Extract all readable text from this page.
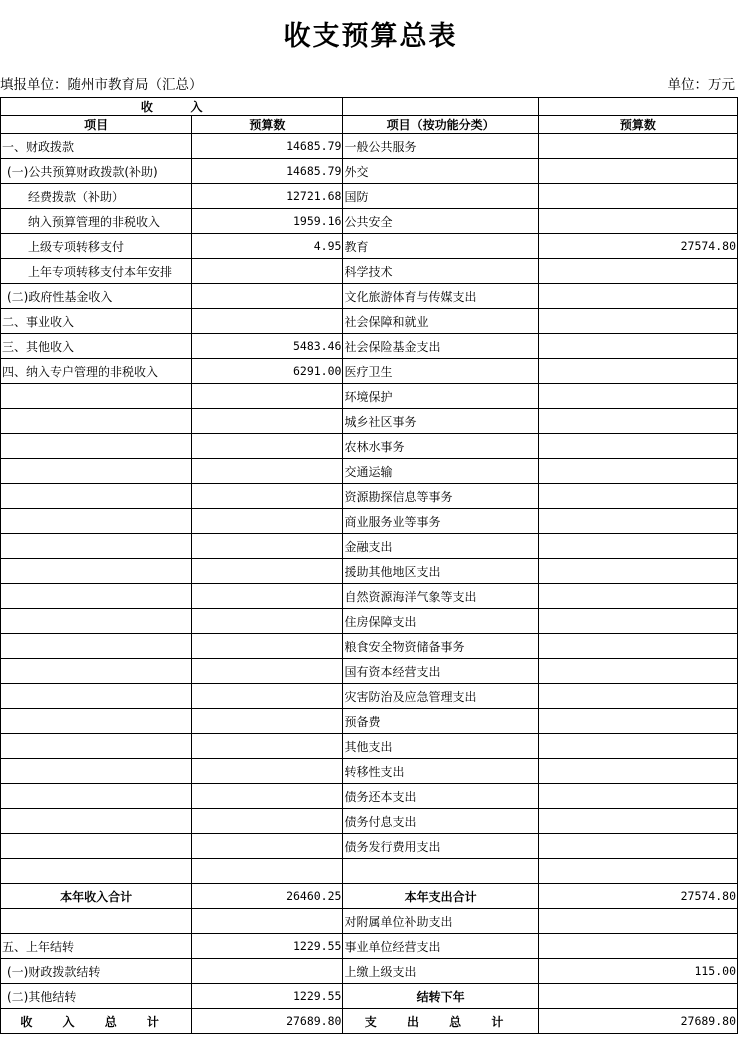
收支预算总表
填报单位：随州市教育局（汇总）	单位：万元
收         入			
项目	预算数	项目（按功能分类）	预算数
一、财政拨款	14685.79	一般公共服务	
(一)公共预算财政拨款(补助)	14685.79	外交	
经费拨款（补助）	12721.68	国防	
纳入预算管理的非税收入	1959.16	公共安全	
上级专项转移支付	4.95	教育	27574.80
上年专项转移支付本年安排		科学技术	
(二)政府性基金收入		文化旅游体育与传媒支出	
二、事业收入		社会保障和就业	
三、其他收入	5483.46	社会保险基金支出	
四、纳入专户管理的非税收入	6291.00	医疗卫生	
		环境保护	
		城乡社区事务	
		农林水事务	
		交通运输	
		资源勘探信息等事务	
		商业服务业等事务	
		金融支出	
		援助其他地区支出	
		自然资源海洋气象等支出	
		住房保障支出	
		粮食安全物资储备事务	
		国有资本经营支出	
		灾害防治及应急管理支出	
		预备费	
		其他支出	
		转移性支出	
		债务还本支出	
		债务付息支出	
		债务发行费用支出	

本年收入合计	26460.25	本年支出合计	27574.80
		对附属单位补助支出	
五、上年结转	1229.55	事业单位经营支出	
(一)财政拨款结转		上缴上级支出	115.00
(二)其他结转	1229.55	结转下年	
收 入 总 计	27689.80	支 出 总 计	27689.80
